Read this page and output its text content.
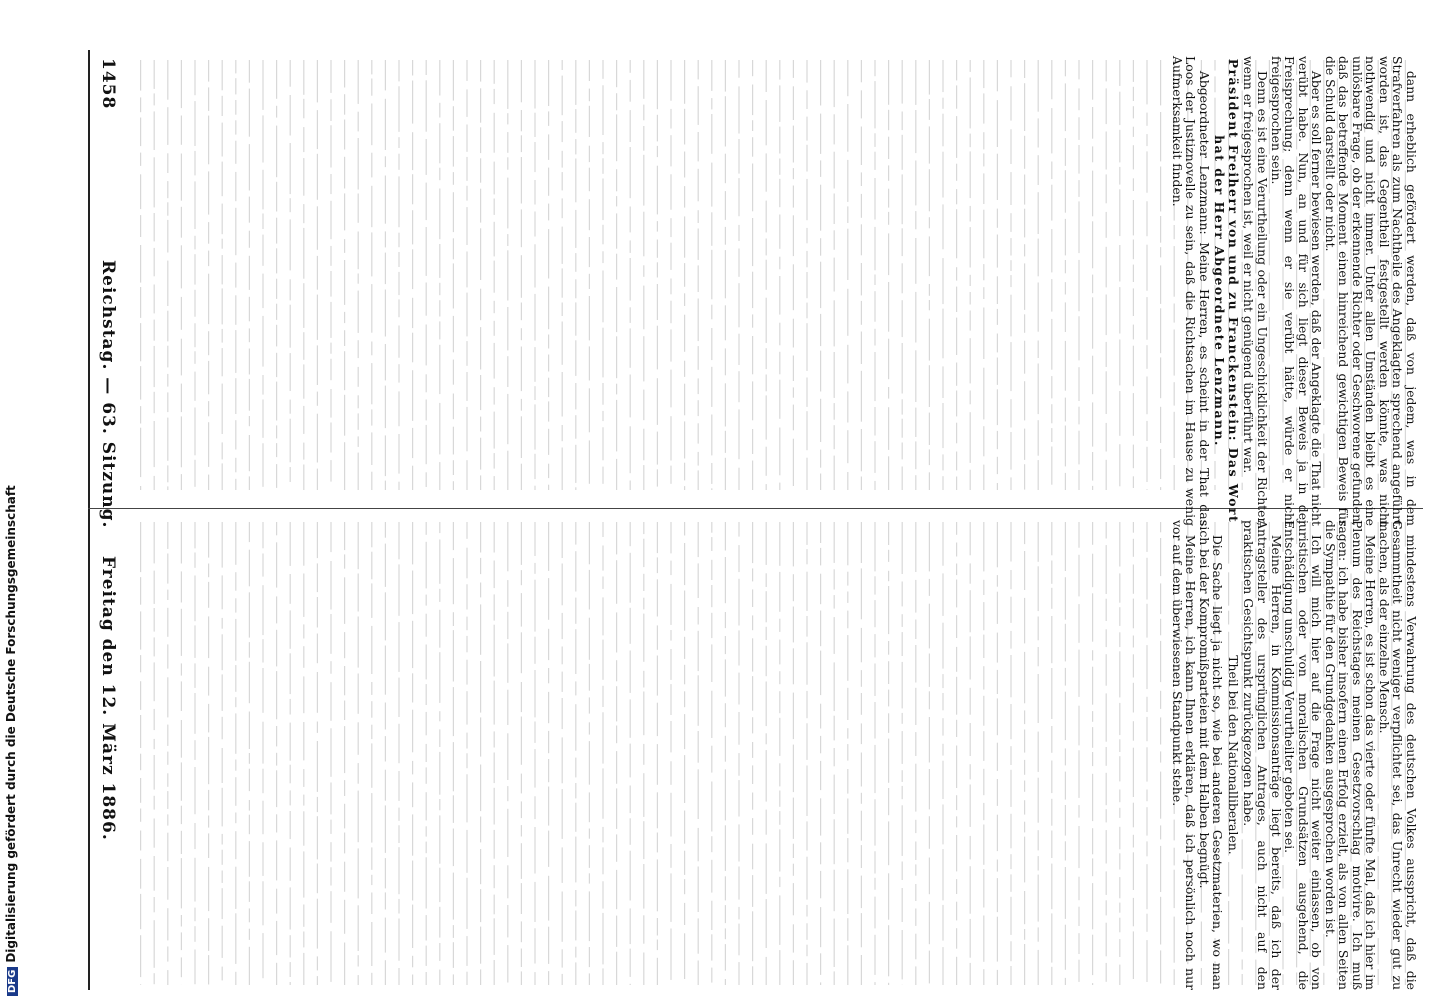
1458
Reichstag. — 63. Sitzung.
Freitag den 12. März 1886.

dann erheblich gefördert werden, daß von jedem, was in dem Strafverfahren als zum Nachtheile des Angeklagten sprechend angeführt worden ist, das Gegentheil festgestellt werden könnte, was nicht nothwendig und nicht immer. Unter allen Umständen bleibt es eine unlösbare Frage, ob der erkennende Richter oder Geschworene gefunden, daß das betreffende Moment einen hinreichend gewichtigen Beweis für die Schuld darstellt oder nicht.

Aber es soll ferner bewiesen werden, daß der Angeklagte die That nicht verübt habe. Nun, an und für sich liegt dieser Beweis ja in der Freisprechung; denn wenn er sie verübt hätte, würde er nicht freigesprochen sein.

Denn es ist eine Verurtheilung oder ein Ungeschicklichkeit der Richter, wenn er freigesprochen ist, weil er nicht genügend überführt war.

Präsident Freiherr von und zu Franckenstein: Das Wort hat der Herr Abgeordnete Lenzmann.

Abgeordneter Lenzmann: Meine Herren, es scheint in der That das Loos der Justiznovelle zu sein, daß die Richtsachen im Hause zu wenig Aufmerksamkeit finden.

mindestens Verwahrung des deutschen Volkes ausspricht, daß die Gesammtheit nicht weniger verpflichtet sei, das Unrecht wieder gut zu machen, als der einzelne Mensch.

Meine Herren, es ist schon das vierte oder fünfte Mal, daß ich hier im Plenum des Reichstages meinen Gesetzvorschlag motivire. Ich muß sagen: ich habe bisher insofern einen Erfolg erzielt, als von allen Seiten die Sympathie für den Grundgedanken ausgesprochen worden ist.

Ich will mich hier auf die Frage nicht weiter einlassen, ob von juristischen oder von moralischen Grundsätzen ausgehend, die Entschädigung unschuldig Verurtheilter geboten sei.

Meine Herren, in Kommissionsanträge liegt bereits, daß ich der Antragsteller des ursprünglichen Antrages, auch nicht auf den praktischen Gesichtspunkt zurückgezogen habe.

Theil bei den Nationalliberalen.

Die Sache liegt ja nicht so, wie bei anderen Gesetzmaterien, wo man sich bei der Kompromißparteien mit dem Halben begnügt.

Meine Herren, ich kann Ihnen erklären, daß ich persönlich noch nur vor auf dem überwiesenen Standpunkt stehe.

DFGDigitalisierung gefördert durch die Deutsche Forschungsgemeinschaft
